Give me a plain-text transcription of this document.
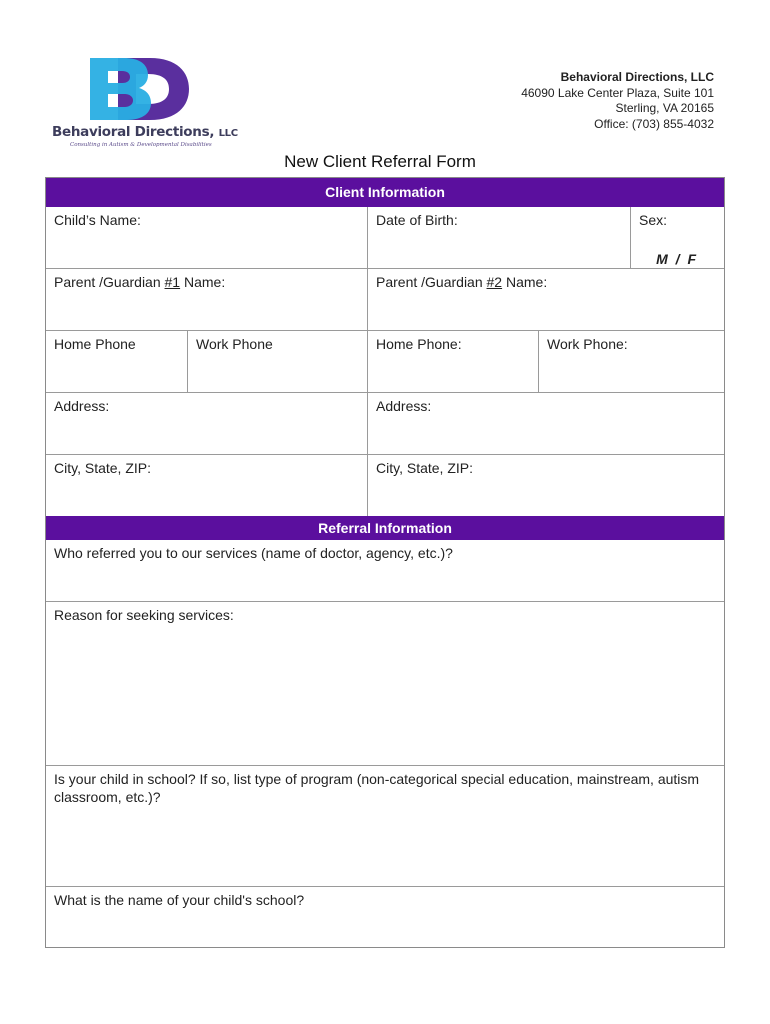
Behavioral Directions, LLC
Consulting in Autism & Developmental Disabilities
Behavioral Directions, LLC
46090 Lake Center Plaza, Suite 101
Sterling, VA 20165
Office: (703) 855-4032
New Client Referral Form
Client Information
Child’s Name:	Date of Birth:	Sex:
M / F
Parent /Guardian #1 Name:	Parent /Guardian #2 Name:
Home Phone	Work Phone	Home Phone:	Work Phone:
Address:	Address:
City, State, ZIP:	City, State, ZIP:
Referral Information
Who referred you to our services (name of doctor, agency, etc.)?
Reason for seeking services:
Is your child in school? If so, list type of program (non-categorical special education, mainstream, autism classroom, etc.)?
What is the name of your child's school?
